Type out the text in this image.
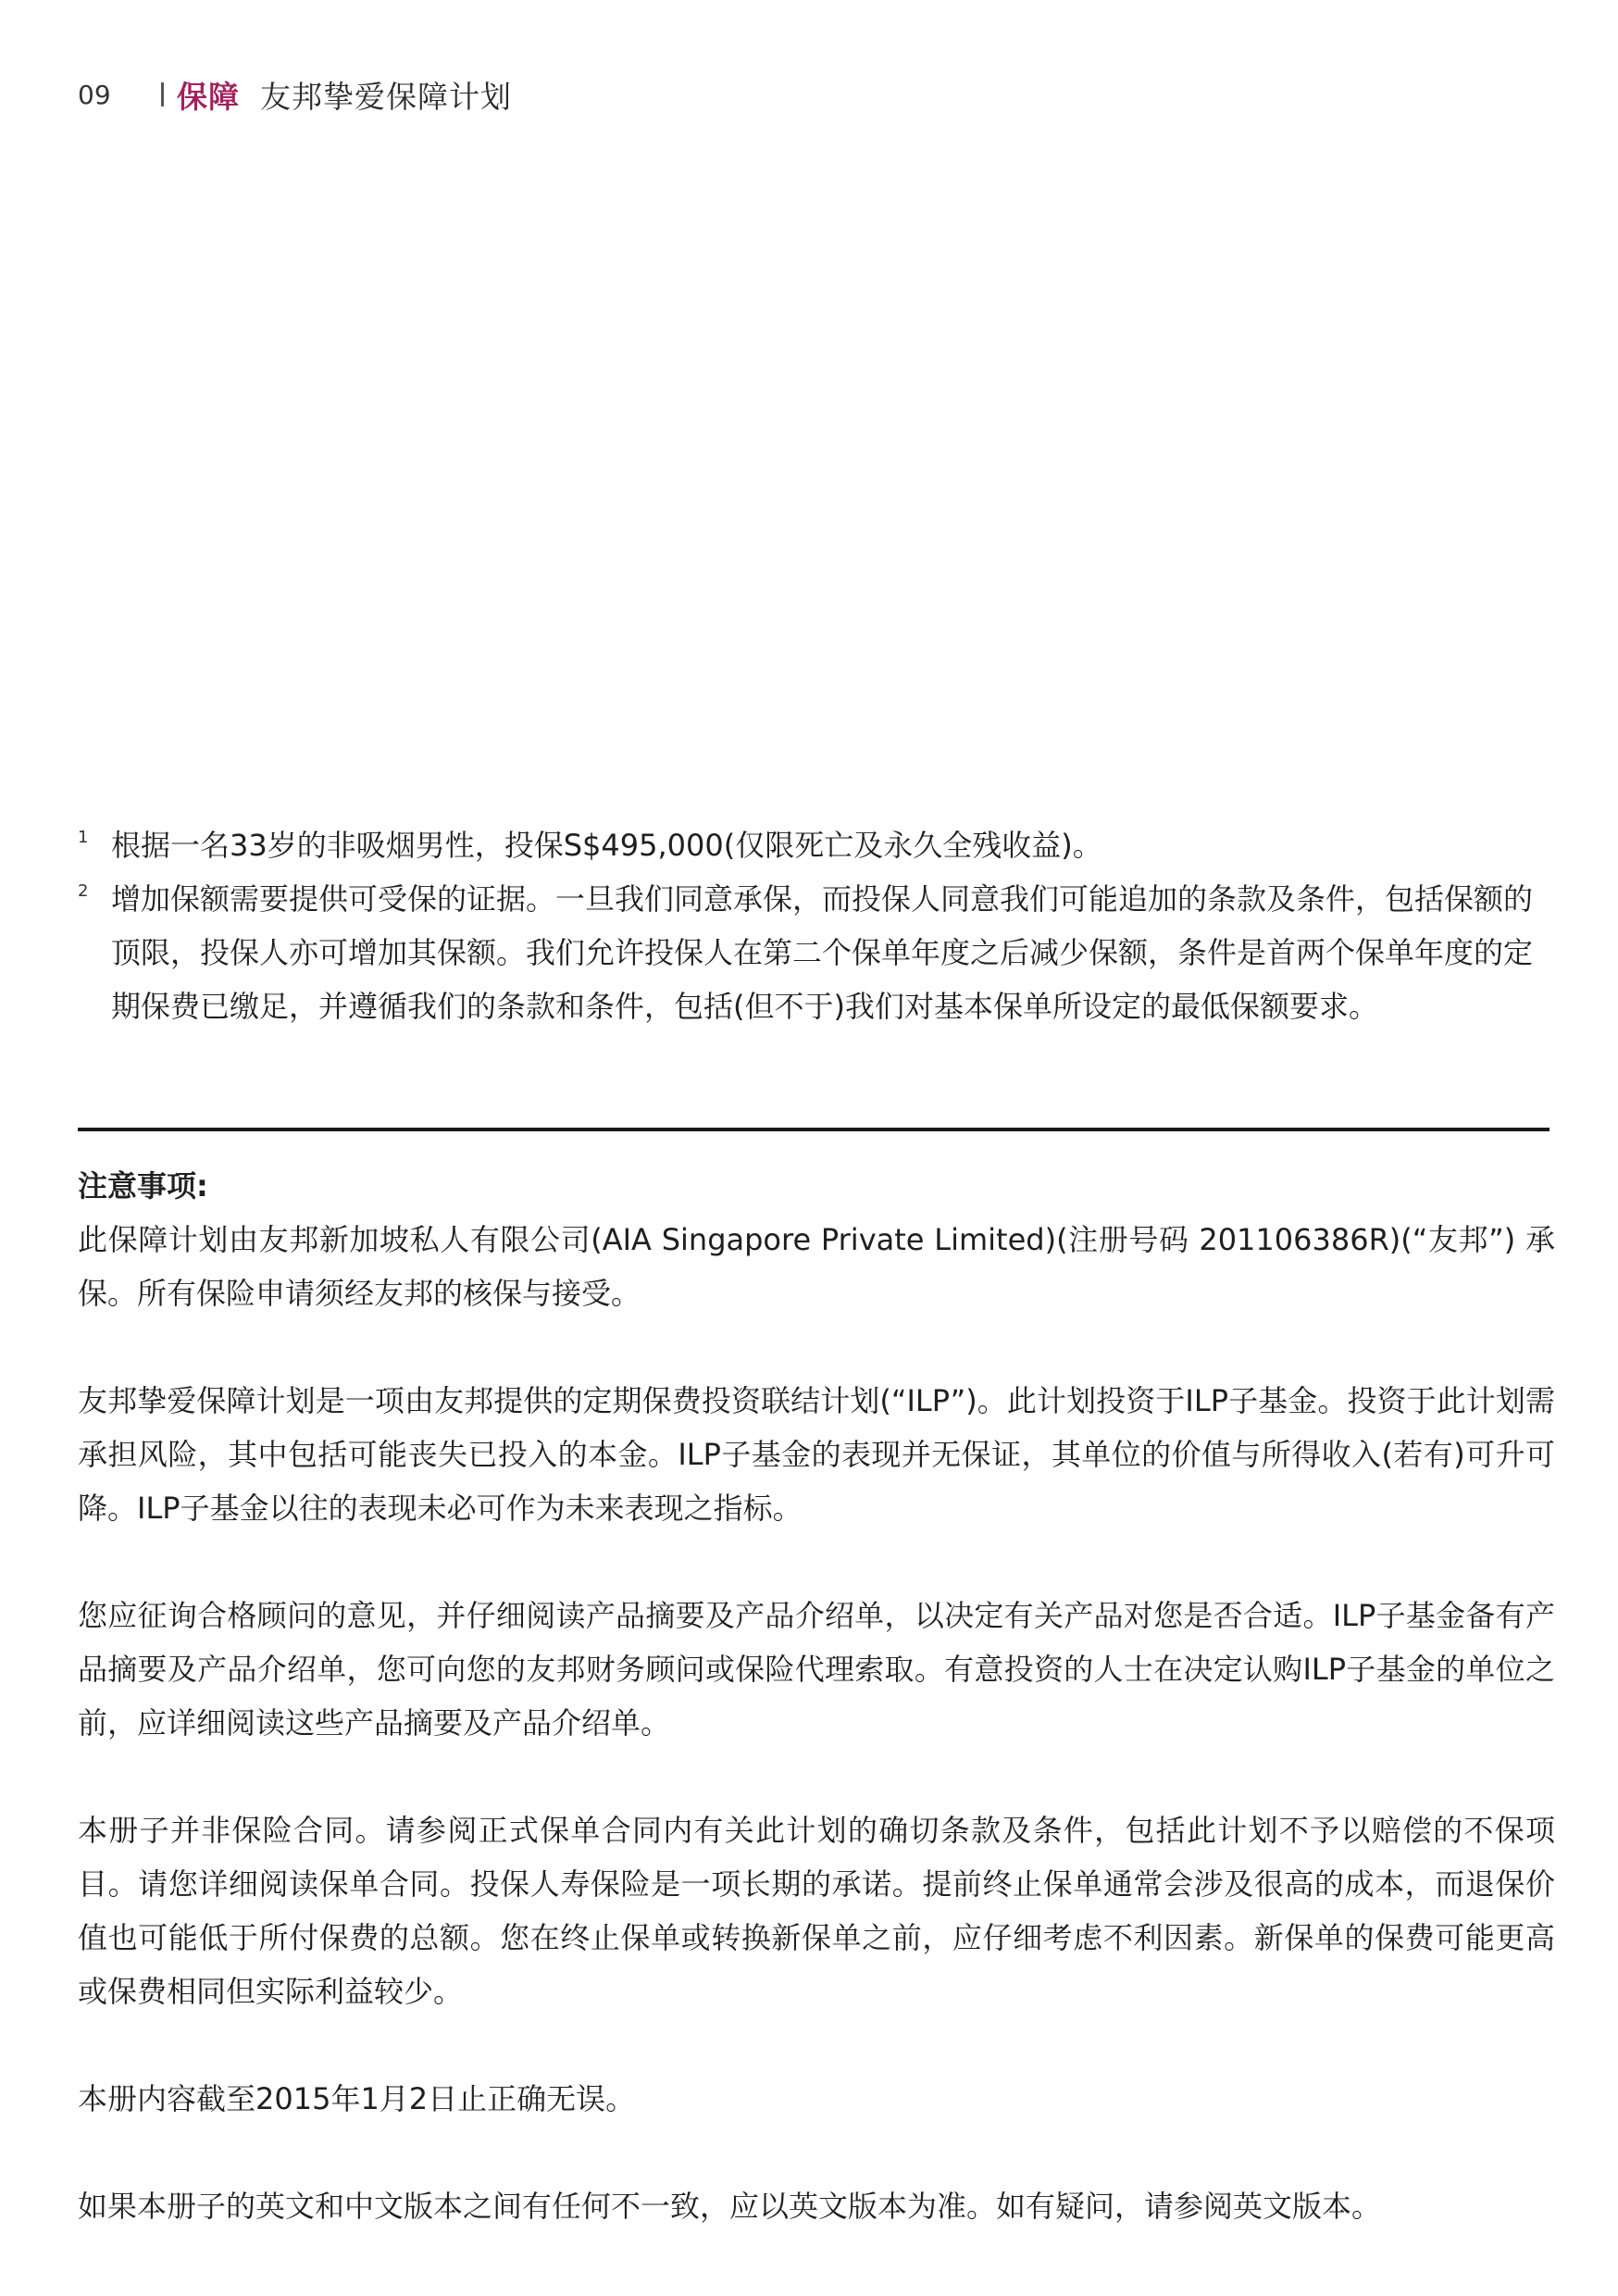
09	保障 友邦挚爱保障计划
1 根据一名33岁的非吸烟男性，投保S$495,000(仅限死亡及永久全残收益)。
2 增加保额需要提供可受保的证据。一旦我们同意承保，而投保人同意我们可能追加的条款及条件，包括保额的顶限，投保人亦可增加其保额。我们允许投保人在第二个保单年度之后减少保额，条件是首两个保单年度的定期保费已缴足，并遵循我们的条款和条件，包括(但不于)我们对基本保单所设定的最低保额要求。
注意事项:

此保障计划由友邦新加坡私人有限公司(AIA Singapore Private Limited)(注册号码 201106386R)(“友邦”) 承保。所有保险申请须经友邦的核保与接受。

友邦挚爱保障计划是一项由友邦提供的定期保费投资联结计划(“ILP”)。此计划投资于ILP子基金。投资于此计划需承担风险，其中包括可能丧失已投入的本金。ILP子基金的表现并无保证，其单位的价值与所得收入(若有)可升可降。ILP子基金以往的表现未必可作为未来表现之指标。

您应征询合格顾问的意见，并仔细阅读产品摘要及产品介绍单，以决定有关产品对您是否合适。ILP子基金备有产品摘要及产品介绍单，您可向您的友邦财务顾问或保险代理索取。有意投资的人士在决定认购ILP子基金的单位之前，应详细阅读这些产品摘要及产品介绍单。

本册子并非保险合同。请参阅正式保单合同内有关此计划的确切条款及条件，包括此计划不予以赔偿的不保项目。请您详细阅读保单合同。投保人寿保险是一项长期的承诺。提前终止保单通常会涉及很高的成本，而退保价值也可能低于所付保费的总额。您在终止保单或转换新保单之前，应仔细考虑不利因素。新保单的保费可能更高或保费相同但实际利益较少。

本册内容截至2015年1月2日止正确无误。

如果本册子的英文和中文版本之间有任何不一致，应以英文版本为准。如有疑问，请参阅英文版本。
